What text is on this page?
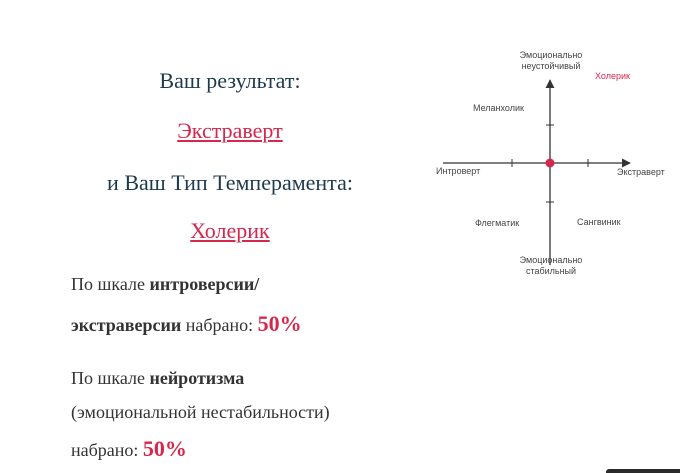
Ваш результат:
Экстраверт
и Ваш Тип Темперамента:
Холерик
По шкале интроверсии/
экстраверсии набрано: 50%
По шкале нейротизма
(эмоциональной нестабильности)
набрано: 50%
Эмоционально
неустойчивый
Холерик
Меланхолик
Интроверт	Экстраверт
Флегматик	Сангвиник
Эмоционально
стабильный
